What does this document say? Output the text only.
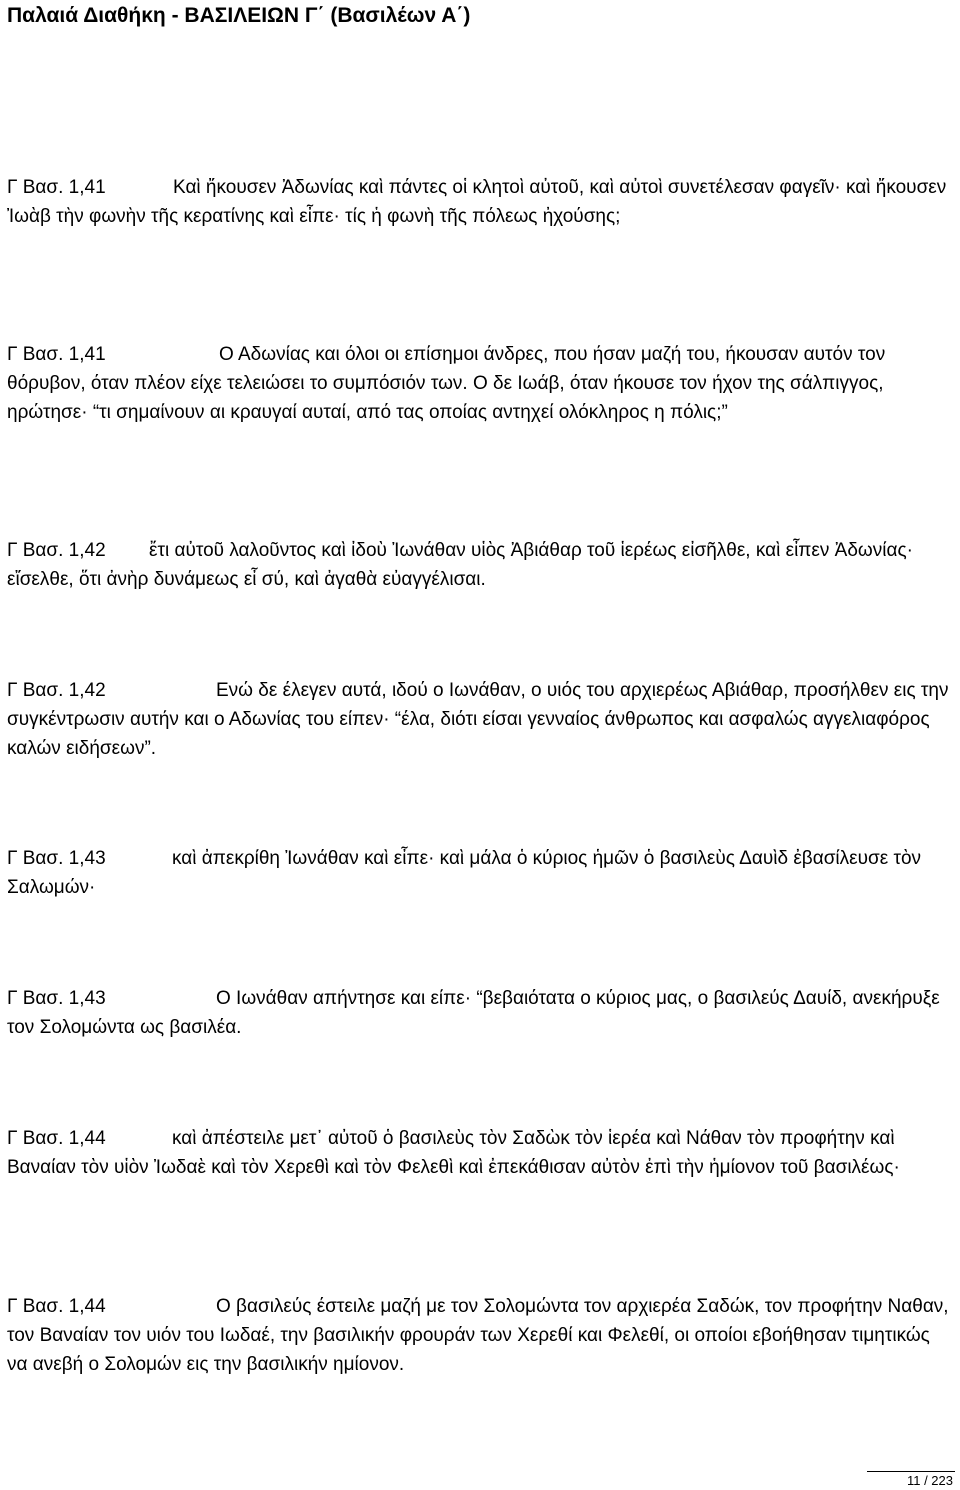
Παλαιά Διαθήκη - ΒΑΣΙΛΕΙΩΝ Γ΄ (Βασιλέων Α΄)
Γ Βασ. 1,41	Καὶ ἤκουσεν Ἀδωνίας καὶ πάντες οἱ κλητοὶ αὐτοῦ, καὶ αὐτοὶ συνετέλεσαν φαγεῖν· καὶ ἤκουσεν Ἰωὰβ τὴν φωνὴν τῆς κερατίνης καὶ εἶπε· τίς ἡ φωνὴ τῆς πόλεως ἠχούσης;
Γ Βασ. 1,41	Ο Αδωνίας και όλοι οι επίσημοι άνδρες, που ήσαν μαζή του, ήκουσαν αυτόν τον θόρυβον, όταν πλέον είχε τελειώσει το συμπόσιόν των. Ο δε Ιωάβ, όταν ήκουσε τον ήχον της σάλπιγγος, ηρώτησε· “τι σημαίνουν αι κραυγαί αυταί, από τας οποίας αντηχεί ολόκληρος η πόλις;”
Γ Βασ. 1,42 ἔτι αὐτοῦ λαλοῦντος καὶ ἰδοὺ Ἰωνάθαν υἱὸς Ἀβιάθαρ τοῦ ἱερέως εἰσῆλθε, καὶ εἶπεν Ἀδωνίας· εἴσελθε, ὅτι ἀνὴρ δυνάμεως εἶ σύ, καὶ ἀγαθὰ εὐαγγέλισαι.
Γ Βασ. 1,42	Ενώ δε έλεγεν αυτά, ιδού ο Ιωνάθαν, ο υιός του αρχιερέως Αβιάθαρ, προσήλθεν εις την συγκέντρωσιν αυτήν και ο Αδωνίας του είπεν· “έλα, διότι είσαι γενναίος άνθρωπος και ασφαλώς αγγελιαφόρος καλών ειδήσεων”.
Γ Βασ. 1,43	καὶ ἀπεκρίθη Ἰωνάθαν καὶ εἶπε· καὶ μάλα ὁ κύριος ἡμῶν ὁ βασιλεὺς Δαυὶδ ἐβασίλευσε τὸν Σαλωμών·
Γ Βασ. 1,43	Ο Ιωνάθαν απήντησε και είπε· “βεβαιότατα ο κύριος μας, ο βασιλεύς Δαυίδ, ανεκήρυξε τον Σολομώντα ως βασιλέα.
Γ Βασ. 1,44	καὶ ἀπέστειλε μετ᾿ αὐτοῦ ὁ βασιλεὺς τὸν Σαδὼκ τὸν ἱερέα καὶ Νάθαν τὸν προφήτην καὶ Βαναίαν τὸν υἱὸν Ἰωδαὲ καὶ τὸν Χερεθὶ καὶ τὸν Φελεθὶ καὶ ἐπεκάθισαν αὐτὸν ἐπὶ τὴν ἡμίονον τοῦ βασιλέως·
Γ Βασ. 1,44	Ο βασιλεύς έστειλε μαζή με τον Σολομώντα τον αρχιερέα Σαδώκ, τον προφήτην Ναθαν, τον Βαναίαν τον υιόν του Ιωδαέ, την βασιλικήν φρουράν των Χερεθί και Φελεθί, οι οποίοι εβοήθησαν τιμητικώς να ανεβή ο Σολομών εις την βασιλικήν ημίονον.
11 / 223
